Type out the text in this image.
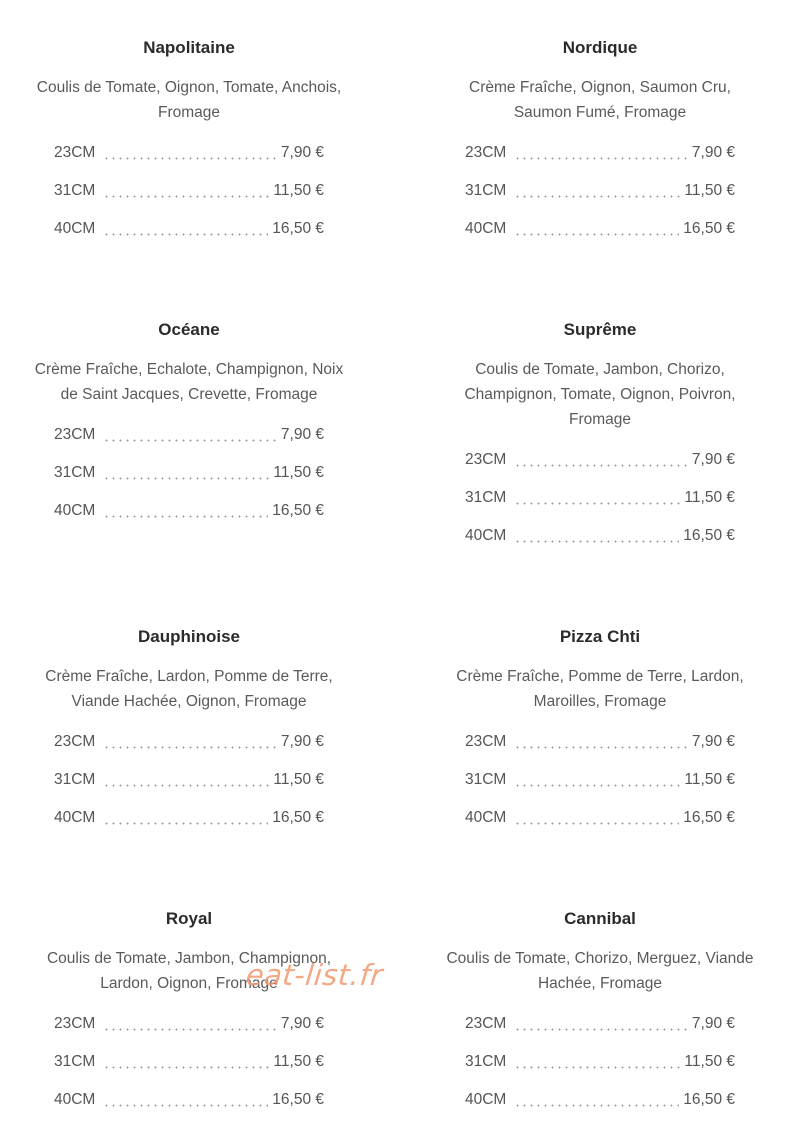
Napolitaine
Coulis de Tomate, Oignon, Tomate, Anchois, Fromage
23CM	7,90 €
31CM	11,50 €
40CM	16,50 €
Nordique
Crème Fraîche, Oignon, Saumon Cru, Saumon Fumé, Fromage
23CM	7,90 €
31CM	11,50 €
40CM	16,50 €
Océane
Crème Fraîche, Echalote, Champignon, Noix de Saint Jacques, Crevette, Fromage
23CM	7,90 €
31CM	11,50 €
40CM	16,50 €
Suprême
Coulis de Tomate, Jambon, Chorizo, Champignon, Tomate, Oignon, Poivron, Fromage
23CM	7,90 €
31CM	11,50 €
40CM	16,50 €
Dauphinoise
Crème Fraîche, Lardon, Pomme de Terre, Viande Hachée, Oignon, Fromage
23CM	7,90 €
31CM	11,50 €
40CM	16,50 €
Pizza Chti
Crème Fraîche, Pomme de Terre, Lardon, Maroilles, Fromage
23CM	7,90 €
31CM	11,50 €
40CM	16,50 €
Royal
Coulis de Tomate, Jambon, Champignon, Lardon, Oignon, Fromage
23CM	7,90 €
31CM	11,50 €
40CM	16,50 €
Cannibal
Coulis de Tomate, Chorizo, Merguez, Viande Hachée, Fromage
23CM	7,90 €
31CM	11,50 €
40CM	16,50 €
eat-list.fr
